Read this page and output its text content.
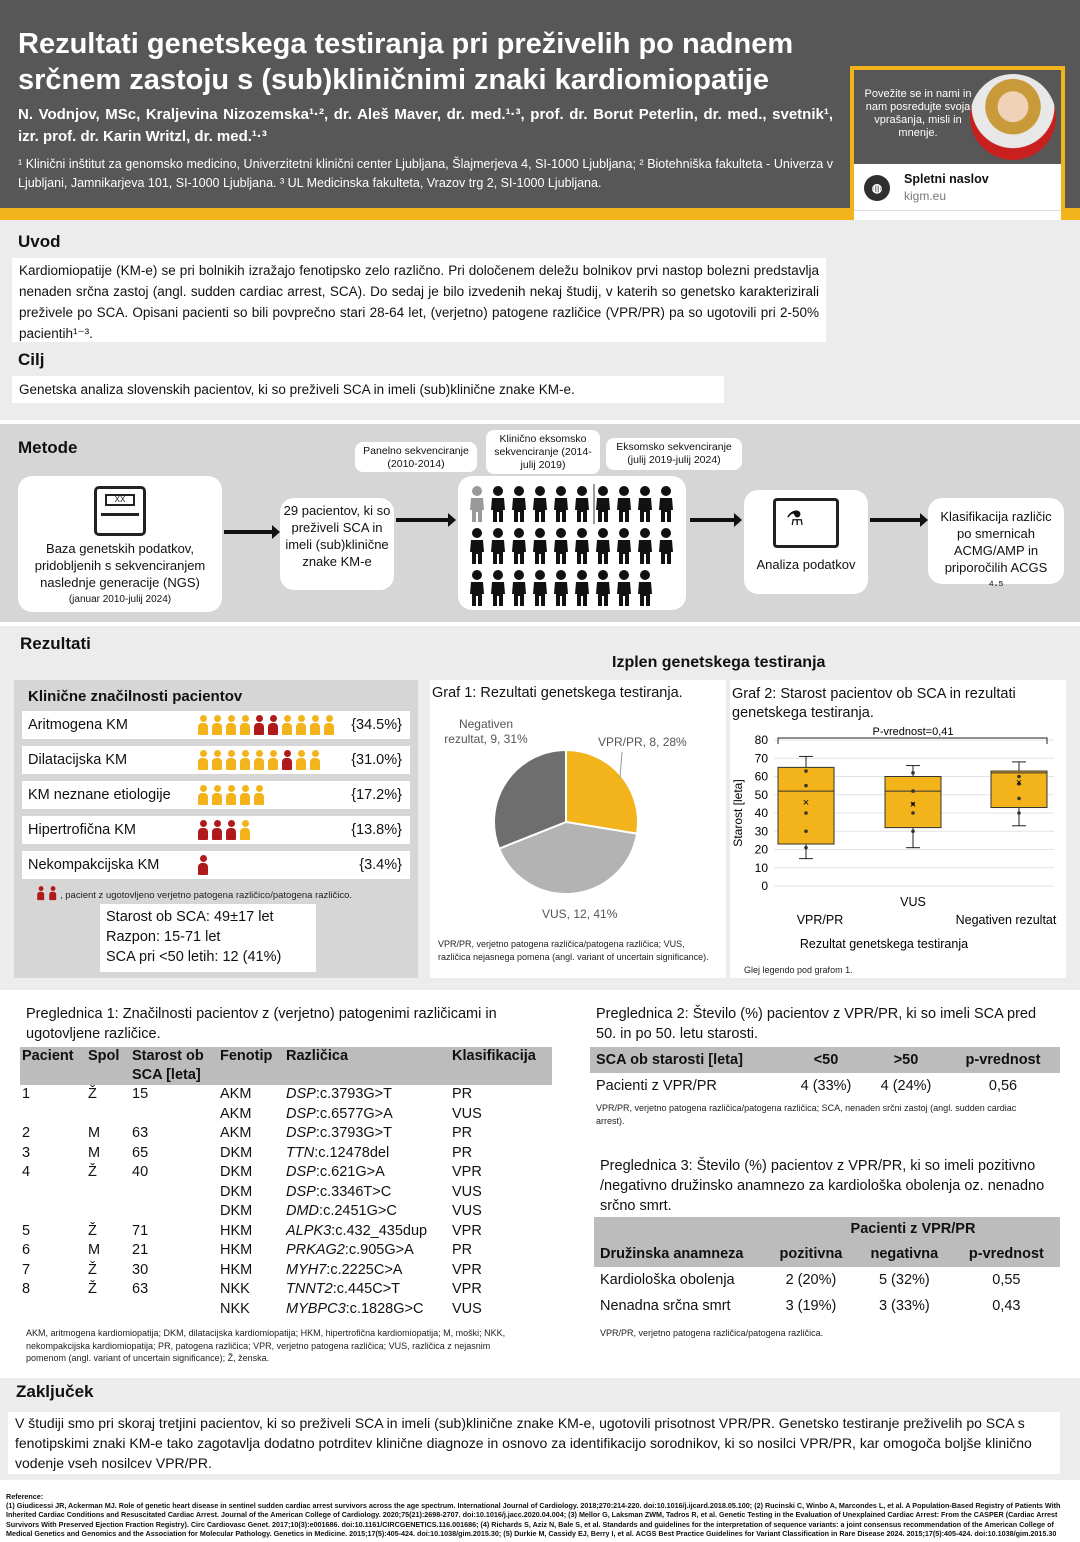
Rezultati genetskega testiranja pri preživelih po nadnem srčnem zastoju s (sub)kliničnimi znaki kardiomiopatije
N. Vodnjov, MSc, Kraljevina Nizozemska¹·², dr. Aleš Maver, dr. med.¹·³, prof. dr. Borut Peterlin, dr. med., svetnik¹, izr. prof. dr. Karin Writzl, dr. med.¹·³
¹ Klinični inštitut za genomsko medicino, Univerzitetni klinični center Ljubljana, Šlajmerjeva 4, SI-1000 Ljubljana; ² Biotehniška fakulteta - Univerza v Ljubljani, Jamnikarjeva 101, SI-1000 Ljubljana. ³ UL Medicinska fakulteta, Vrazov trg 2, SI-1000 Ljubljana.
Povežite se in nami in nam posredujte svoja vprašanja, misli in mnenje.
◍
Spletni naslov
kigm.eu
Uvod
Kardiomiopatije (KM-e) se pri bolnikih izražajo fenotipsko zelo različno. Pri določenem deležu bolnikov prvi nastop bolezni predstavlja nenaden srčna zastoj (angl. sudden cardiac arrest, SCA). Do sedaj je bilo izvedenih nekaj študij, v katerih so genetsko karakterizirali preživele po SCA. Opisani pacienti so bili povprečno stari 28-64 let, (verjetno) patogene različice (VPR/PR) pa so ugotovili pri 2-50% pacientih¹⁻³.
Cilj
Genetska analiza slovenskih pacientov, ki so preživeli SCA in imeli (sub)klinične znake KM-e.
Metode
XX
Baza genetskih podatkov, pridobljenih s sekvenciranjem naslednje generacije (NGS)
(januar 2010-julij 2024)
29 pacientov, ki so preživeli SCA in imeli (sub)klinične znake KM-e
Panelno sekvenciranje (2010-2014)
Klinično eksomsko sekvenciranje (2014-julij 2019)
Eksomsko sekvenciranje (julij 2019-julij 2024)
⚗
Analiza podatkov
Klasifikacija različic po smernicah ACMG/AMP in priporočilih ACGS ⁴·⁵
Rezultati
Izplen genetskega testiranja
Klinične značilnosti pacientov
Aritmogena KM	{34.5%}
Dilatacijska KM	{31.0%}
KM neznane etiologije	{17.2%}
Hipertrofična KM	{13.8%}
Nekompakcijska KM	{3.4%}
, pacient z ugotovljeno verjetno patogena različico/patogena različico.
Starost ob SCA: 49±17 let
Razpon: 15-71 let
SCA pri <50 letih: 12 (41%)
Graf 1: Rezultati genetskega testiranja.
VPR/PR, 8, 28%
VUS, 12, 41%
Negativen rezultat, 9, 31%
VPR/PR, verjetno patogena različica/patogena različica; VUS, različica nejasnega pomena (angl. variant of uncertain significance).
Graf 2: Starost pacientov ob SCA in rezultati genetskega testiranja.
0
10
20
30
40
50
60
70
80
Starost [leta]	×
VPR/PR
×
VUS
×
Negativen rezultat
Rezultat genetskega testiranja
P-vrednost=0,41
Glej legendo pod grafom 1.
Preglednica 1: Značilnosti pacientov z (verjetno) patogenimi različicami in ugotovljene različice.
Pacient	Spol	Starost ob SCA [leta]	Fenotip	Različica	Klasifikacija
1	Ž	15	AKM	DSP:c.3793G>T	PR
			AKM	DSP:c.6577G>A	VUS
2	M	63	AKM	DSP:c.3793G>T	PR
3	M	65	DKM	TTN:c.12478del	PR
4	Ž	40	DKM	DSP:c.621G>A	VPR
			DKM	DSP:c.3346T>C	VUS
			DKM	DMD:c.2451G>C	VUS
5	Ž	71	HKM	ALPK3:c.432_435dup	VPR
6	M	21	HKM	PRKAG2:c.905G>A	PR
7	Ž	30	HKM	MYH7:c.2225C>A	VPR
8	Ž	63	NKK	TNNT2:c.445C>T	VPR
			NKK	MYBPC3:c.1828G>C	VUS
AKM, aritmogena kardiomiopatija; DKM, dilatacijska kardiomiopatija; HKM, hipertrofična kardiomiopatija; M, moški; NKK, nekompakcijska kardiomiopatija; PR, patogena različica; VPR, verjetno patogena različica; VUS, različica z nejasnim pomenom (angl. variant of uncertain significance); Ž, ženska.
Preglednica 2: Število (%) pacientov z VPR/PR, ki so imeli SCA pred 50. in po 50. letu starosti.
SCA ob starosti [leta]	<50	>50	p-vrednost
Pacienti z VPR/PR	4 (33%)	4 (24%)	0,56
VPR/PR, verjetno patogena različica/patogena različica; SCA, nenaden srčni zastoj (angl. sudden cardiac arrest).
Preglednica 3: Število (%) pacientov z VPR/PR, ki so imeli pozitivno /negativno družinsko anamnezo za kardiološka obolenja oz. nenadno srčno smrt.
	Pacienti z VPR/PR		
Družinska anamneza	pozitivna	negativna	p-vrednost
Kardiološka obolenja	2 (20%)	5 (32%)	0,55
Nenadna srčna smrt	3 (19%)	3 (33%)	0,43
VPR/PR, verjetno patogena različica/patogena različica.
Zaključek
V študiji smo pri skoraj tretjini pacientov, ki so preživeli SCA in imeli (sub)klinične znake KM-e, ugotovili prisotnost VPR/PR. Genetsko testiranje preživelih po SCA s fenotipskimi znaki KM-e tako zagotavlja dodatno potrditev klinične diagnoze in osnovo za identifikacijo sorodnikov, ki so nosilci VPR/PR, kar omogoča boljše klinično vodenje vseh nosilcev VPR/PR.
Reference:
(1) Giudicessi JR, Ackerman MJ. Role of genetic heart disease in sentinel sudden cardiac arrest survivors across the age spectrum. International Journal of Cardiology. 2018;270:214-220. doi:10.1016/j.ijcard.2018.05.100; (2) Rucinski C, Winbo A, Marcondes L, et al. A Population-Based Registry of Patients With Inherited Cardiac Conditions and Resuscitated Cardiac Arrest. Journal of the American College of Cardiology. 2020;75(21):2698-2707. doi:10.1016/j.jacc.2020.04.004; (3) Mellor G, Laksman ZWM, Tadros R, et al. Genetic Testing in the Evaluation of Unexplained Cardiac Arrest: From the CASPER (Cardiac Arrest Survivors With Preserved Ejection Fraction Registry). Circ Cardiovasc Genet. 2017;10(3):e001686. doi:10.1161/CIRCGENETICS.116.001686; (4) Richards S, Aziz N, Bale S, et al. Standards and guidelines for the interpretation of sequence variants: a joint consensus recommendation of the American College of Medical Genetics and Genomics and the Association for Molecular Pathology. Genetics in Medicine. 2015;17(5):405-424. doi:10.1038/gim.2015.30; (5) Durkie M, Cassidy EJ, Berry I, et al. ACGS Best Practice Guidelines for Variant Classification in Rare Disease 2024. 2015;17(5):405-424. doi:10.1038/gim.2015.30
